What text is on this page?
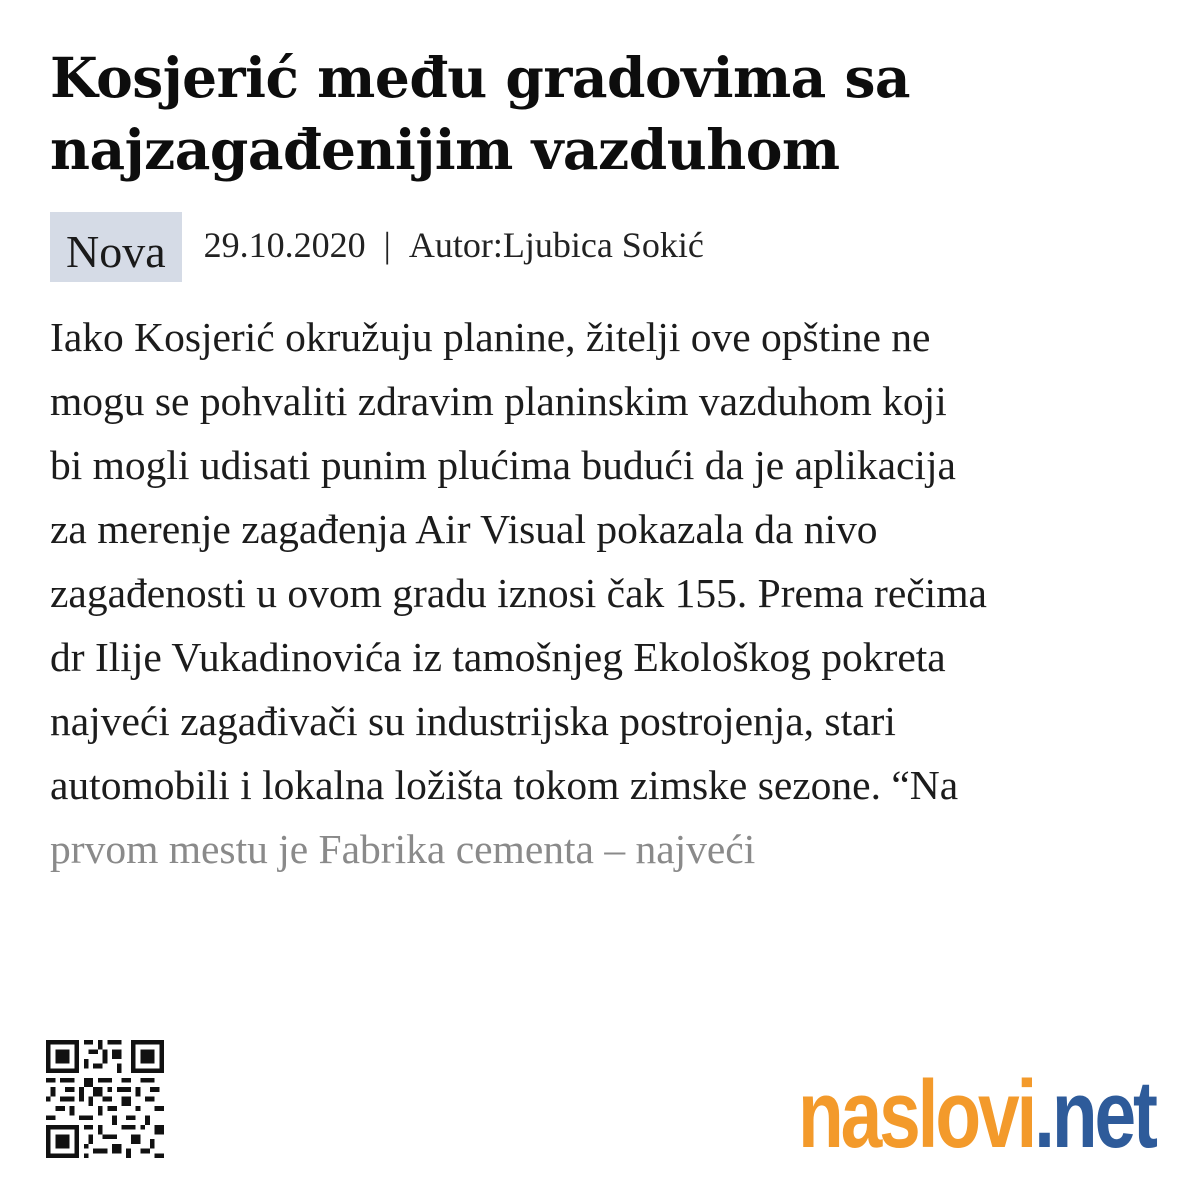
Kosjerić među gradovima sa
najzagađenijim vazduhom
Nova	29.10.2020 | Autor:Ljubica Sokić

Iako Kosjerić okružuju planine, žitelji ove opštine ne
mogu se pohvaliti zdravim planinskim vazduhom koji
bi mogli udisati punim plućima budući da je aplikacija
za merenje zagađenja Air Visual pokazala da nivo
zagađenosti u ovom gradu iznosi čak 155. Prema rečima
dr Ilije Vukadinovića iz tamošnjeg Ekološkog pokreta
najveći zagađivači su industrijska postrojenja, stari
automobili i lokalna ložišta tokom zimske sezone. “Na
prvom mestu je Fabrika cementa – najveći

naslovi .net
